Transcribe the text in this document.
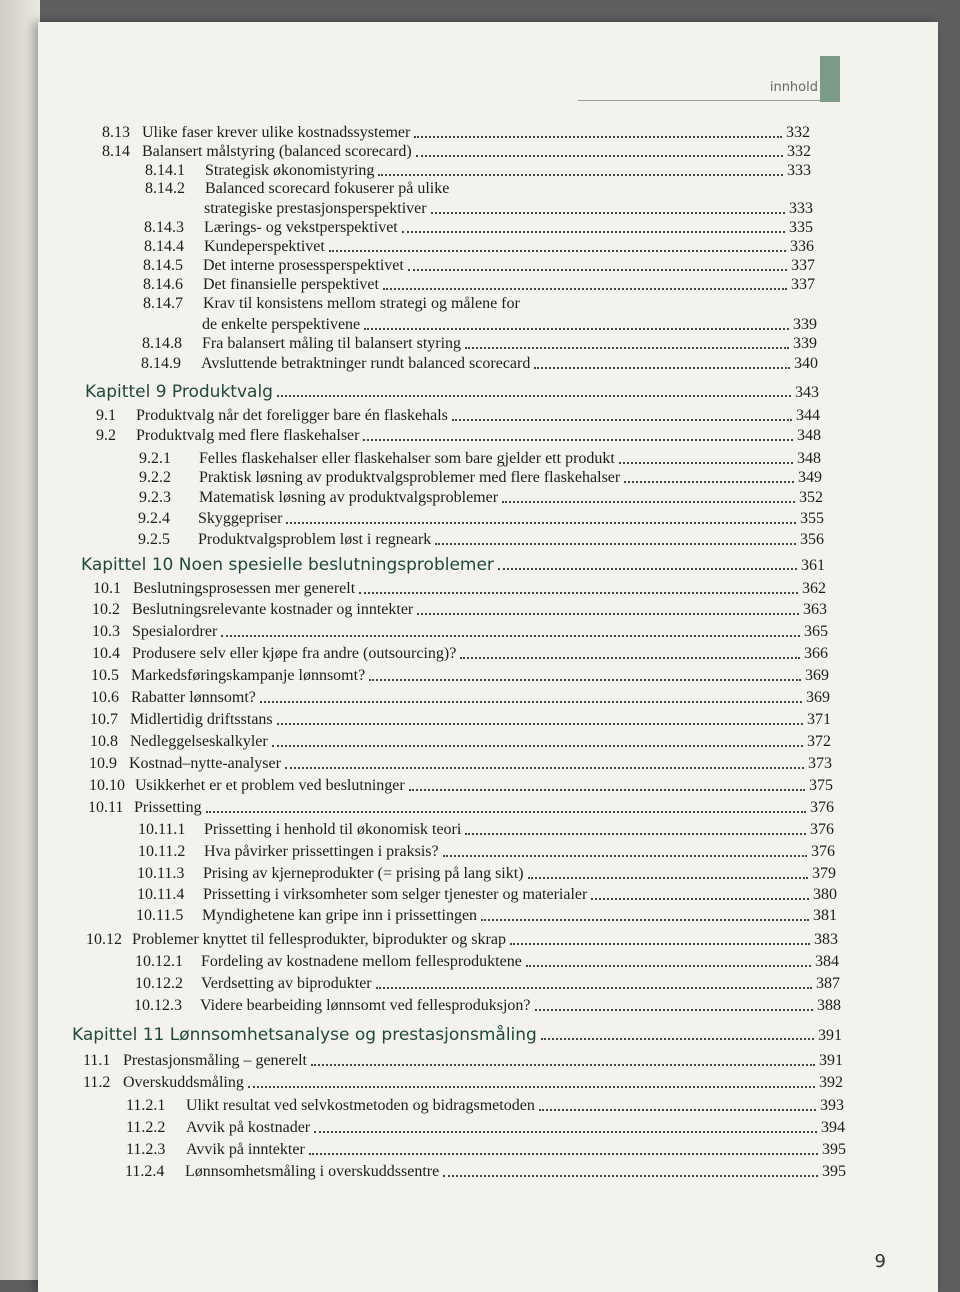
innhold
8.13 Ulike faser krever ulike kostnadssystemer	332
8.14 Balansert målstyring (balanced scorecard)	332
8.14.1	Strategisk økonomistyring	333
8.14.2	Balanced scorecard fokuserer på ulike
strategiske prestasjonsperspektiver	333
8.14.3	Lærings- og vekstperspektivet	335
8.14.4	Kundeperspektivet	336
8.14.5	Det interne prosessperspektivet	337
8.14.6	Det finansielle perspektivet	337
8.14.7	Krav til konsistens mellom strategi og målene for
de enkelte perspektivene	339
8.14.8	Fra balansert måling til balansert styring	339
8.14.9	Avsluttende betraktninger rundt balanced scorecard	340
Kapittel 9 Produktvalg	343
9.1	Produktvalg når det foreligger bare én flaskehals	344
9.2	Produktvalg med flere flaskehalser	348
9.2.1	Felles flaskehalser eller flaskehalser som bare gjelder ett produkt	348
9.2.2	Praktisk løsning av produktvalgsproblemer med flere flaskehalser	349
9.2.3	Matematisk løsning av produktvalgsproblemer	352
9.2.4	Skyggepriser	355
9.2.5	Produktvalgsproblem løst i regneark	356
Kapittel 10 Noen spesielle beslutningsproblemer	361
10.1 Beslutningsprosessen mer generelt	362
10.2 Beslutningsrelevante kostnader og inntekter	363
10.3 Spesialordrer	365
10.4 Produsere selv eller kjøpe fra andre (outsourcing)?	366
10.5 Markedsføringskampanje lønnsomt?	369
10.6 Rabatter lønnsomt?	369
10.7 Midlertidig driftsstans	371
10.8 Nedleggelseskalkyler	372
10.9 Kostnad–nytte-analyser	373
10.10 Usikkerhet er et problem ved beslutninger	375
10.11 Prissetting	376
10.11.1	Prissetting i henhold til økonomisk teori	376
10.11.2	Hva påvirker prissettingen i praksis?	376
10.11.3	Prising av kjerneprodukter (= prising på lang sikt)	379
10.11.4	Prissetting i virksomheter som selger tjenester og materialer	380
10.11.5	Myndighetene kan gripe inn i prissettingen	381
10.12 Problemer knyttet til fellesprodukter, biprodukter og skrap	383
10.12.1	Fordeling av kostnadene mellom fellesproduktene	384
10.12.2	Verdsetting av biprodukter	387
10.12.3	Videre bearbeiding lønnsomt ved fellesproduksjon?	388
Kapittel 11 Lønnsomhetsanalyse og prestasjonsmåling	391
11.1 Prestasjonsmåling – generelt	391
11.2 Overskuddsmåling	392
11.2.1	Ulikt resultat ved selvkostmetoden og bidragsmetoden	393
11.2.2	Avvik på kostnader	394
11.2.3	Avvik på inntekter	395
11.2.4	Lønnsomhetsmåling i overskuddssentre	395
9
